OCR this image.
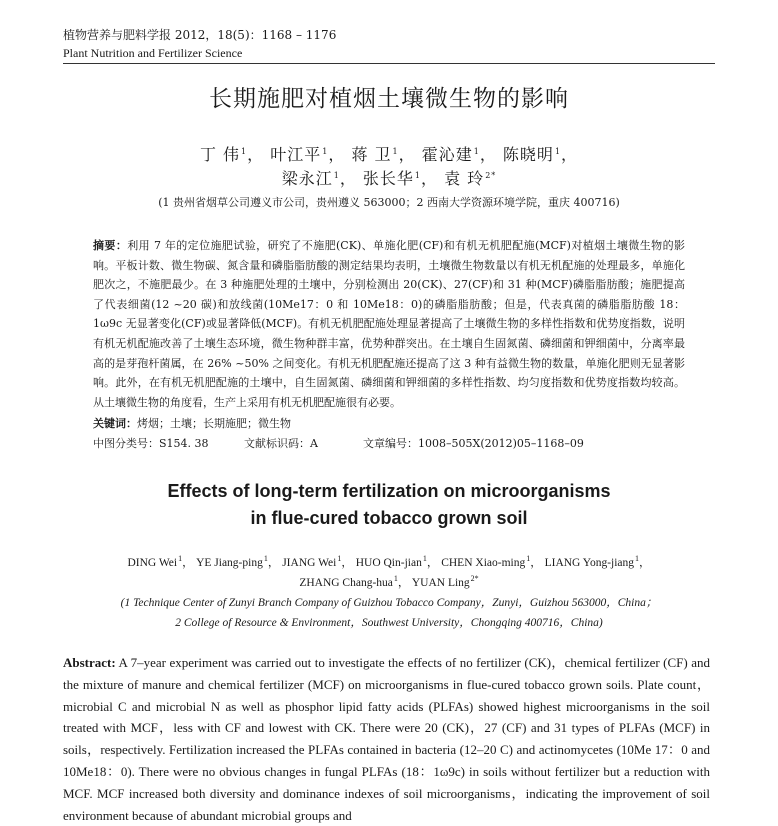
植物营养与肥料学报 2012，18(5)：1168 – 1176
Plant Nutrition and Fertilizer Science
长期施肥对植烟土壤微生物的影响
丁 伟$^1$， 叶江平$^1$， 蒋 卫$^1$， 霍沁建$^1$， 陈晓明$^1$，
梁永江$^1$， 张长华$^1$， 袁 玲$^{2*}$
(1 贵州省烟草公司遵义市公司，贵州遵义 563000；2 西南大学资源环境学院，重庆 400716)
摘要：利用 7 年的定位施肥试验，研究了不施肥(CK)、单施化肥(CF)和有机无机肥配施(MCF)对植烟土壤微生物的影响。平板计数、微生物碳、氮含量和磷脂脂肪酸的测定结果均表明，土壤微生物数量以有机无机配施的处理最多，单施化肥次之，不施肥最少。在 3 种施肥处理的土壤中，分别检测出 20(CK)、27(CF)和 31 种(MCF)磷脂脂肪酸；施肥提高了代表细菌(12 ~20 碳)和放线菌(10Me17：0 和 10Me18：0)的磷脂脂肪酸；但是，代表真菌的磷脂脂肪酸 18：1ω9c 无显著变化(CF)或显著降低(MCF)。有机无机肥配施处理显著提高了土壤微生物的多样性指数和优势度指数，说明有机无机配施改善了土壤生态环境，微生物种群丰富，优势种群突出。在土壤自生固氮菌、磷细菌和钾细菌中，分离率最高的是芽孢杆菌属，在 26% ~50% 之间变化。有机无机肥配施还提高了这 3 种有益微生物的数量，单施化肥则无显著影响。此外，在有机无机肥配施的土壤中，自生固氮菌、磷细菌和钾细菌的多样性指数、均匀度指数和优势度指数均较高。从土壤微生物的角度看，生产上采用有机无机肥配施很有必要。
关键词：烤烟；土壤；长期施肥；微生物
中图分类号：S154. 38	文献标识码：A	文章编号：1008–505X(2012)05–1168–09
Effects of long-term fertilization on microorganisms
in flue-cured tobacco grown soil
DING Wei$^1$， YE Jiang-ping$^1$， JIANG Wei$^1$， HUO Qin-jian$^1$， CHEN Xiao-ming$^1$， LIANG Yong-jiang$^1$，
ZHANG Chang-hua$^1$， YUAN Ling$^{2*}$
(1 Technique Center of Zunyi Branch Company of Guizhou Tobacco Company，Zunyi，Guizhou 563000，China；
2 College of Resource & Environment，Southwest University，Chongqing 400716，China)
Abstract: A 7–year experiment was carried out to investigate the effects of no fertilizer (CK)，chemical fertilizer (CF) and the mixture of manure and chemical fertilizer (MCF) on microorganisms in flue-cured tobacco grown soils. Plate count，microbial C and microbial N as well as phosphor lipid fatty acids (PLFAs) showed highest microorganisms in the soil treated with MCF，less with CF and lowest with CK. There were 20 (CK)，27 (CF) and 31 types of PLFAs (MCF) in soils，respectively. Fertilization increased the PLFAs contained in bacteria (12–20 C) and actinomycetes (10Me 17：0 and 10Me18：0). There were no obvious changes in fungal PLFAs (18：1ω9c) in soils without fertilizer but a reduction with MCF. MCF increased both diversity and dominance indexes of soil microorganisms，indicating the improvement of soil environment because of abundant microbial groups and
